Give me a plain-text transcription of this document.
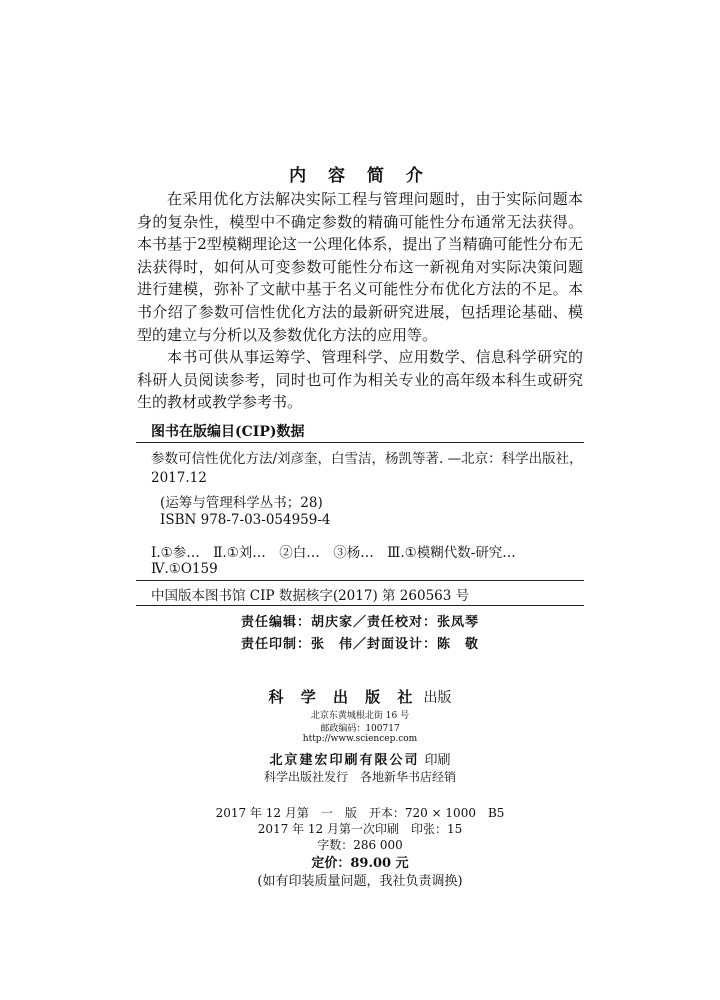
内 容 简 介

在采用优化方法解决实际工程与管理问题时，由于实际问题本身的复杂性，模型中不确定参数的精确可能性分布通常无法获得。本书基于2型模糊理论这一公理化体系，提出了当精确可能性分布无法获得时，如何从可变参数可能性分布这一新视角对实际决策问题进行建模，弥补了文献中基于名义可能性分布优化方法的不足。本书介绍了参数可信性优化方法的最新研究进展，包括理论基础、模型的建立与分析以及参数优化方法的应用等。

本书可供从事运筹学、管理科学、应用数学、信息科学研究的科研人员阅读参考，同时也可作为相关专业的高年级本科生或研究生的教材或教学参考书。

图书在版编目(CIP)数据
参数可信性优化方法/刘彦奎，白雪洁，杨凯等著. —北京：科学出版社，
2017.12
(运筹与管理科学丛书；28)
ISBN 978-7-03-054959-4
Ⅰ.①参…　Ⅱ.①刘…　②白…　③杨…　Ⅲ.①模糊代数-研究…
Ⅳ.①O159
中国版本图书馆 CIP 数据核字(2017) 第 260563 号
责任编辑：胡庆家／责任校对：张凤琴
责任印制：张　伟／封面设计：陈　敬
科 学 出 版 社 出版
北京东黄城根北街 16 号
邮政编码：100717
http://www.sciencep.com
北京建宏印刷有限公司 印刷
科学出版社发行　各地新华书店经销
2017 年 12 月第　一　版　开本：720 × 1000　B5
2017 年 12 月第一次印刷　印张：15
字数：286 000
定价：89.00 元
(如有印装质量问题，我社负责调换)
